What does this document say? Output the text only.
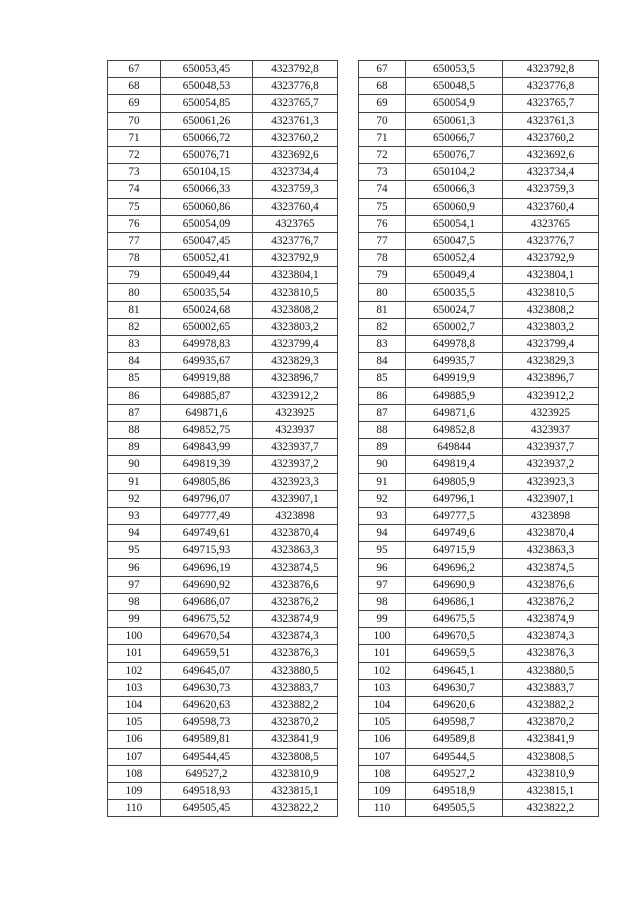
67	650053,45	4323792,8
68	650048,53	4323776,8
69	650054,85	4323765,7
70	650061,26	4323761,3
71	650066,72	4323760,2
72	650076,71	4323692,6
73	650104,15	4323734,4
74	650066,33	4323759,3
75	650060,86	4323760,4
76	650054,09	4323765
77	650047,45	4323776,7
78	650052,41	4323792,9
79	650049,44	4323804,1
80	650035,54	4323810,5
81	650024,68	4323808,2
82	650002,65	4323803,2
83	649978,83	4323799,4
84	649935,67	4323829,3
85	649919,88	4323896,7
86	649885,87	4323912,2
87	649871,6	4323925
88	649852,75	4323937
89	649843,99	4323937,7
90	649819,39	4323937,2
91	649805,86	4323923,3
92	649796,07	4323907,1
93	649777,49	4323898
94	649749,61	4323870,4
95	649715,93	4323863,3
96	649696,19	4323874,5
97	649690,92	4323876,6
98	649686,07	4323876,2
99	649675,52	4323874,9
100	649670,54	4323874,3
101	649659,51	4323876,3
102	649645,07	4323880,5
103	649630,73	4323883,7
104	649620,63	4323882,2
105	649598,73	4323870,2
106	649589,81	4323841,9
107	649544,45	4323808,5
108	649527,2	4323810,9
109	649518,93	4323815,1
110	649505,45	4323822,2
67	650053,5	4323792,8
68	650048,5	4323776,8
69	650054,9	4323765,7
70	650061,3	4323761,3
71	650066,7	4323760,2
72	650076,7	4323692,6
73	650104,2	4323734,4
74	650066,3	4323759,3
75	650060,9	4323760,4
76	650054,1	4323765
77	650047,5	4323776,7
78	650052,4	4323792,9
79	650049,4	4323804,1
80	650035,5	4323810,5
81	650024,7	4323808,2
82	650002,7	4323803,2
83	649978,8	4323799,4
84	649935,7	4323829,3
85	649919,9	4323896,7
86	649885,9	4323912,2
87	649871,6	4323925
88	649852,8	4323937
89	649844	4323937,7
90	649819,4	4323937,2
91	649805,9	4323923,3
92	649796,1	4323907,1
93	649777,5	4323898
94	649749,6	4323870,4
95	649715,9	4323863,3
96	649696,2	4323874,5
97	649690,9	4323876,6
98	649686,1	4323876,2
99	649675,5	4323874,9
100	649670,5	4323874,3
101	649659,5	4323876,3
102	649645,1	4323880,5
103	649630,7	4323883,7
104	649620,6	4323882,2
105	649598,7	4323870,2
106	649589,8	4323841,9
107	649544,5	4323808,5
108	649527,2	4323810,9
109	649518,9	4323815,1
110	649505,5	4323822,2
